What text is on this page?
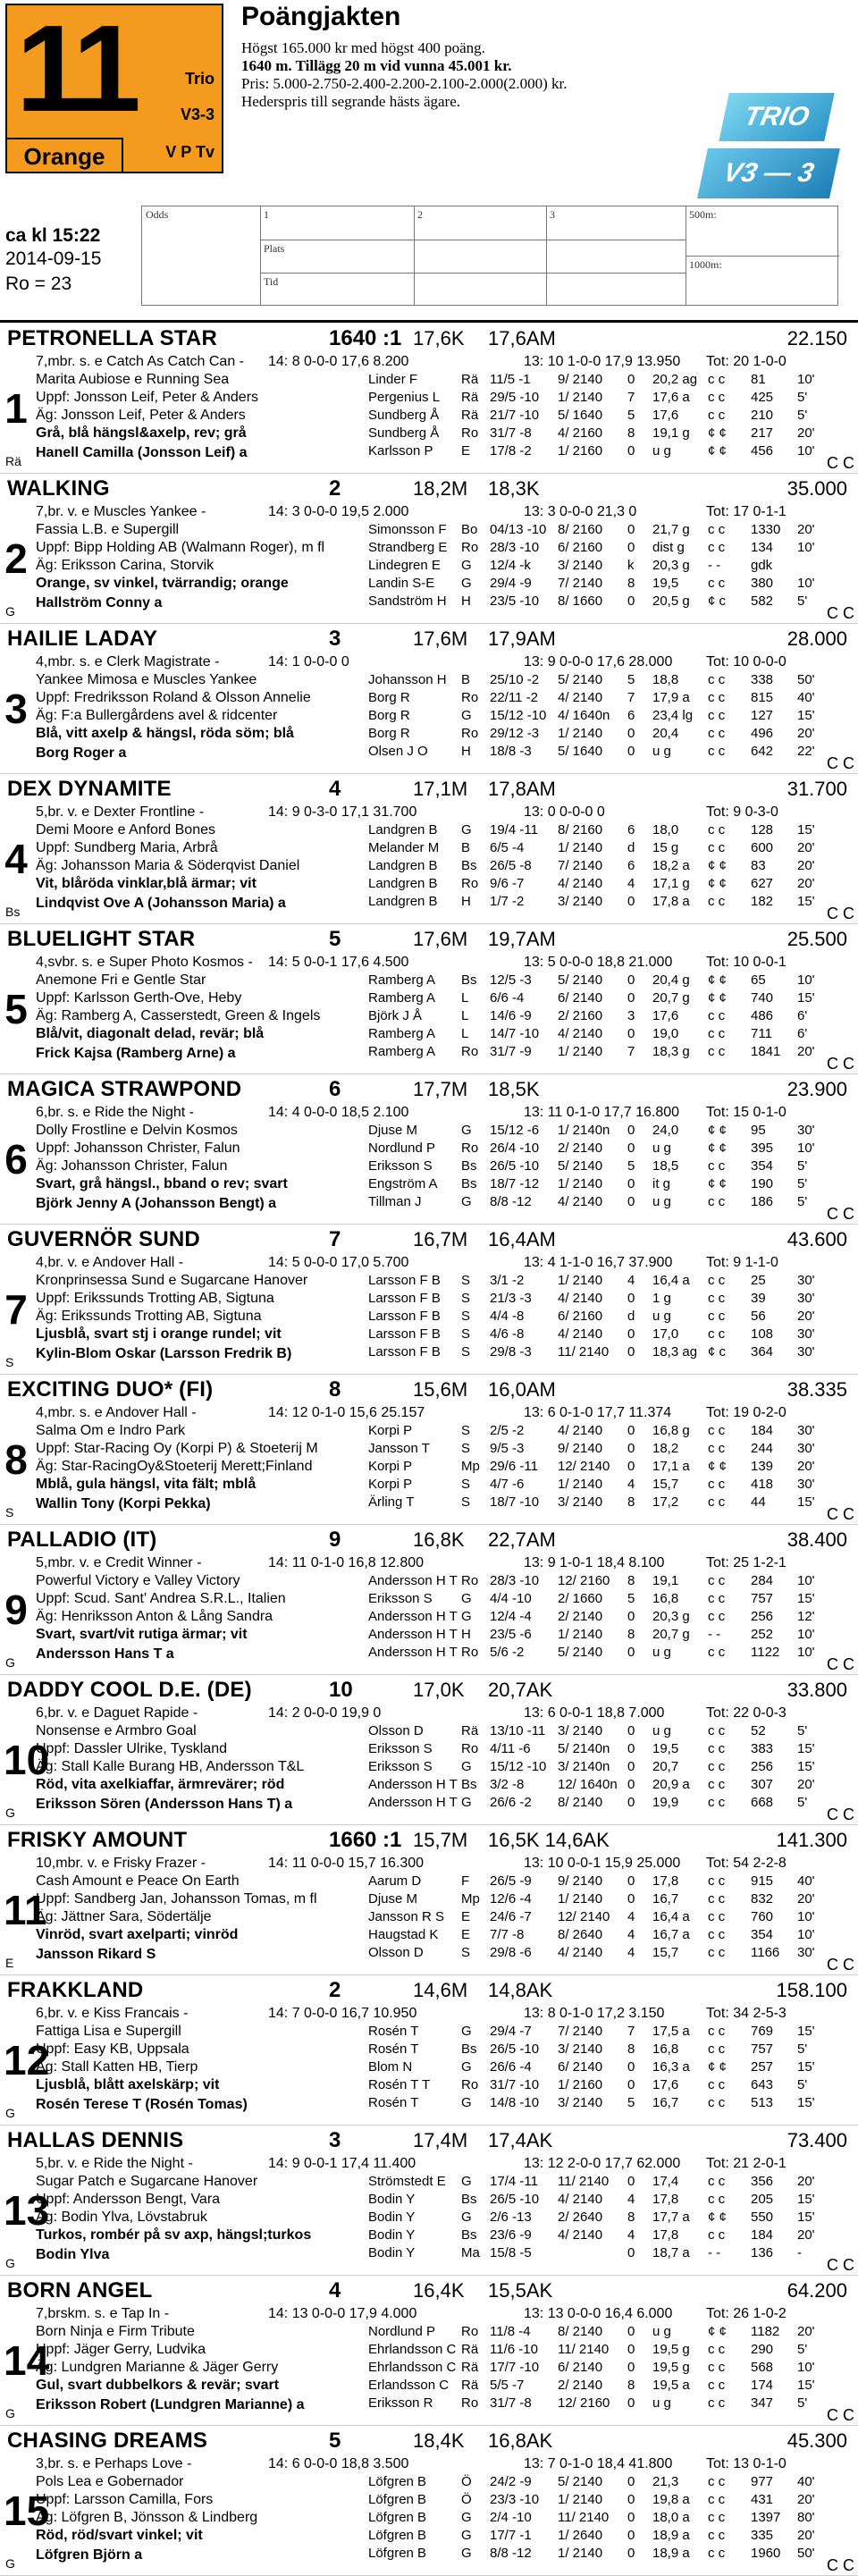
11	Trio
V3-3
V P Tv
Orange
Poängjakten
Högst 165.000 kr med högst 400 poäng.
1640 m. Tillägg 20 m vid vunna 45.001 kr.
Pris: 5.000-2.750-2.400-2.200-2.100-2.000(2.000) kr.
Hederspris till segrande hästs ägare.
TRIO
V3 — 3
ca kl 15:22
2014-09-15
Ro = 23
Odds	1	2	3
Plats
Tid
500m:
1000m:
PETRONELLA STAR	1640 :1 17,6K 17,6AM	22.150
1
Rä
7,mbr. s. e Catch As Catch Can -
Marita Aubiose e Running Sea
Uppf: Jonsson Leif, Peter & Anders
Äg: Jonsson Leif, Peter & Anders
Grå, blå hängsl&axelp, rev; grå
Hanell Camilla (Jonsson Leif) a
14: 8 0-0-0 17,6 8.200	13: 10 1-0-0 17,9 13.950 Tot: 20 1-0-0
Linder F	Rä 11/5 -1 9/ 2140 0 20,2 ag c c 81 10'
Pergenius L Rä 29/5 -10 1/ 2140 7 17,6 a c c 425 5'
Sundberg Å Rä 21/7 -10 5/ 1640 5 17,6 c c 210 5'
Sundberg Å Ro 31/7 -8 4/ 2160 8 19,1 g ¢ ¢ 217 20'
Karlsson P E 17/8 -2 1/ 2160 0 u g	¢ ¢ 456 10'
C C
WALKING	2	18,2M 18,3K	35.000
2
G
7,br. v. e Muscles Yankee -
Fassia L.B. e Supergill
Uppf: Bipp Holding AB (Walmann Roger), m fl
Äg: Eriksson Carina, Storvik
Orange, sv vinkel, tvärrandig; orange
Hallström Conny a
14: 3 0-0-0 19,5 2.000	13: 3 0-0-0 21,3 0	Tot: 17 0-1-1
Simonsson F Bo 04/13 -10 8/ 2160 0 21,7 g c c 1330 20'
Strandberg E Ro 28/3 -10 6/ 2160 0 dist g c c 134 10'
Lindegren E G 12/4 -k 3/ 2140 k 20,3 g - - gdk
Landin S-E G 29/4 -9 7/ 2140 8 19,5 c c 380 10'
Sandström H H 23/5 -10 8/ 1660 0 20,5 g ¢ c 582 5'
C C
HAILIE LADAY	3	17,6M 17,9AM	28.000
3
4,mbr. s. e Clerk Magistrate -
Yankee Mimosa e Muscles Yankee
Uppf: Fredriksson Roland & Olsson Annelie
Äg: F:a Bullergårdens avel & ridcenter
Blå, vitt axelp & hängsl, röda söm; blå
Borg Roger a
14: 1 0-0-0 0	13: 9 0-0-0 17,6 28.000 Tot: 10 0-0-0
Johansson H B 25/10 -2 5/ 2140 5 18,8 c c 338 50'
Borg R	Ro 22/11 -2 4/ 2140 7 17,9 a c c 815 40'
Borg R	G 15/12 -10 4/ 1640n 6 23,4 lg c c 127 15'
Borg R	Ro 29/12 -3 1/ 2140 0 20,4 c c 496 20'
Olsen J O H 18/8 -3 5/ 1640 0 u g	c c 642 22'
C C
DEX DYNAMITE	4	17,1M 17,8AM	31.700
4
Bs
5,br. v. e Dexter Frontline -
Demi Moore e Anford Bones
Uppf: Sundberg Maria, Arbrå
Äg: Johansson Maria & Söderqvist Daniel
Vit, blåröda vinklar,blå ärmar; vit
Lindqvist Ove A (Johansson Maria) a
14: 9 0-3-0 17,1 31.700	13: 0 0-0-0 0	Tot: 9 0-3-0
Landgren B G 19/4 -11 8/ 2160 6 18,0 c c 128 15'
Melander M B 6/5 -4	1/ 2140 d 15 g c c 600 20'
Landgren B Bs 26/5 -8 7/ 2140 6 18,2 a ¢ ¢ 83 20'
Landgren B Ro 9/6 -7	4/ 2140 4 17,1 g ¢ ¢ 627 20'
Landgren B H 1/7 -2	3/ 2140 0 17,8 a c c 182 15'
C C
BLUELIGHT STAR	5	17,6M 19,7AM	25.500
5
4,svbr. s. e Super Photo Kosmos -
Anemone Fri e Gentle Star
Uppf: Karlsson Gerth-Ove, Heby
Äg: Ramberg A, Casserstedt, Green & Ingels
Blå/vit, diagonalt delad, revär; blå
Frick Kajsa (Ramberg Arne) a
14: 5 0-0-1 17,6 4.500	13: 5 0-0-0 18,8 21.000 Tot: 10 0-0-1
Ramberg A Bs 12/5 -3 5/ 2140 0 20,4 g ¢ ¢ 65 10'
Ramberg A L 6/6 -4	6/ 2140 0 20,7 g ¢ ¢ 740 15'
Björk J Å	L 14/6 -9 2/ 2160 3 17,6 c c 486 6'
Ramberg A L 14/7 -10 4/ 2140 0 19,0 c c 711 6'
Ramberg A Ro 31/7 -9 1/ 2140 7 18,3 g c c 1841 20'
C C
MAGICA STRAWPOND	6	17,7M 18,5K	23.900
6
6,br. s. e Ride the Night -
Dolly Frostline e Delvin Kosmos
Uppf: Johansson Christer, Falun
Äg: Johansson Christer, Falun
Svart, grå hängsl., bband o rev; svart
Björk Jenny A (Johansson Bengt) a
14: 4 0-0-0 18,5 2.100	13: 11 0-1-0 17,7 16.800 Tot: 15 0-1-0
Djuse M	G 15/12 -6 1/ 2140n 0 24,0 ¢ ¢ 95 30'
Nordlund P Ro 26/4 -10 2/ 2140 0 u g	¢ ¢ 395 10'
Eriksson S Bs 26/5 -10 5/ 2140 5 18,5 c c 354 5'
Engström A Bs 18/7 -12 1/ 2140 0 it g	¢ ¢ 190 5'
Tillman J	G 8/8 -12 4/ 2140 0 u g	c c 186 5'
C C
GUVERNÖR SUND	7	16,7M 16,4AM	43.600
7
S
4,br. v. e Andover Hall -
Kronprinsessa Sund e Sugarcane Hanover
Uppf: Erikssunds Trotting AB, Sigtuna
Äg: Erikssunds Trotting AB, Sigtuna
Ljusblå, svart stj i orange rundel; vit
Kylin-Blom Oskar (Larsson Fredrik B)
14: 5 0-0-0 17,0 5.700	13: 4 1-1-0 16,7 37.900 Tot: 9 1-1-0
Larsson F B S 3/1 -2	1/ 2140 4 16,4 a c c 25 30'
Larsson F B S 21/3 -3 4/ 2140 0 1 g	c c 39 30'
Larsson F B S 4/4 -8	6/ 2160 d u g	c c 56 20'
Larsson F B S 4/6 -8	4/ 2140 0 17,0 c c 108 30'
Larsson F B S 29/8 -3 11/ 2140 0 18,3 ag ¢ c 364 30'
EXCITING DUO* (FI)	8	15,6M 16,0AM	38.335
8
S
4,mbr. s. e Andover Hall -
Salma Om e Indro Park
Uppf: Star-Racing Oy (Korpi P) & Stoeterij M
Äg: Star-RacingOy&Stoeterij Merett;Finland
Mblå, gula hängsl, vita fält; mblå
Wallin Tony (Korpi Pekka)
14: 12 0-1-0 15,6 25.157	13: 6 0-1-0 17,7 11.374 Tot: 19 0-2-0
Korpi P	S 2/5 -2	4/ 2140 0 16,8 g c c 184 30'
Jansson T S 9/5 -3	9/ 2140 0 18,2 c c 244 30'
Korpi P	Mp 29/6 -11 12/ 2140 0 17,1 a ¢ ¢ 139 20'
Korpi P	S 4/7 -6	1/ 2140 4 15,7 c c 418 30'
Ärling T	S 18/7 -10 3/ 2140 8 17,2 c c 44 15'
C C
PALLADIO (IT)	9	16,8K 22,7AM	38.400
9
G
5,mbr. v. e Credit Winner -
Powerful Victory e Valley Victory
Uppf: Scud. Sant' Andrea S.R.L., Italien
Äg: Henriksson Anton & Lång Sandra
Svart, svart/vit rutiga ärmar; vit
Andersson Hans T a
14: 11 0-1-0 16,8 12.800	13: 9 1-0-1 18,4 8.100	Tot: 25 1-2-1
Andersson H T Ro 28/3 -10 12/ 2160 8 19,1 c c 284 10'
Eriksson S G 4/4 -10 2/ 1660 5 16,8 c c 757 15'
Andersson H T G 12/4 -4 2/ 2140 0 20,3 g c c 256 12'
Andersson H T H 23/5 -6 1/ 2140 8 20,7 g - - 252 10'
Andersson H T Ro 5/6 -2	5/ 2140 0 u g	c c 1122 10'
C C
DADDY COOL D.E. (DE)	10	17,0K 20,7AK	33.800
10
G
6,br. v. e Daguet Rapide -
Nonsense e Armbro Goal
Uppf: Dassler Ulrike, Tyskland
Äg: Stall Kalle Burang HB, Andersson T&L
Röd, vita axelkiaffar, ärmrevärer; röd
Eriksson Sören (Andersson Hans T) a
14: 2 0-0-0 19,9 0	13: 6 0-0-1 18,8 7.000	Tot: 22 0-0-3
Olsson D	Rä 13/10 -11 3/ 2140 0 u g	c c 52 5'
Eriksson S Ro 4/11 -6 5/ 2140n 0 19,5 c c 383 15'
Eriksson S G 15/12 -10 3/ 2140n 0 20,7 c c 256 15'
Andersson H T Bs 3/2 -8	12/ 1640n 0 20,9 a c c 307 20'
Andersson H T G 26/6 -2 8/ 2140 0 19,9 c c 668 5'
C C
FRISKY AMOUNT	1660 :1 15,7M 16,5K 14,6AK	141.300
11
E
10,mbr. v. e Frisky Frazer -
Cash Amount e Peace On Earth
Uppf: Sandberg Jan, Johansson Tomas, m fl
Äg: Jättner Sara, Södertälje
Vinröd, svart axelparti; vinröd
Jansson Rikard S
14: 11 0-0-0 15,7 16.300	13: 10 0-0-1 15,9 25.000 Tot: 54 2-2-8
Aarum D	F 26/5 -9 9/ 2140 0 17,8 c c 915 40'
Djuse M	Mp 12/6 -4 1/ 2140 0 16,7 c c 832 20'
Jansson R S E 24/6 -7 12/ 2140 4 16,4 a c c 760 10'
Haugstad K E 7/7 -8	8/ 2640 4 16,7 a c c 354 10'
Olsson D	S 29/8 -6 4/ 2140 4 15,7 c c 1166 30'
C C
FRAKKLAND	2	14,6M 14,8AK	158.100
12
G
6,br. v. e Kiss Francais -
Fattiga Lisa e Supergill
Uppf: Easy KB, Uppsala
Äg: Stall Katten HB, Tierp
Ljusblå, blått axelskärp; vit
Rosén Terese T (Rosén Tomas)
14: 7 0-0-0 16,7 10.950	13: 8 0-1-0 17,2 3.150	Tot: 34 2-5-3
Rosén T	G 29/4 -7 7/ 2140 7 17,5 a c c 769 15'
Rosén T	Bs 26/5 -10 3/ 2140 8 16,8 c c 757 5'
Blom N	G 26/6 -4 6/ 2140 0 16,3 a ¢ ¢ 257 15'
Rosén T T Ro 31/7 -10 1/ 2160 0 17,6 c c 643 5'
Rosén T	G 14/8 -10 3/ 2140 5 16,7 c c 513 15'
HALLAS DENNIS	3	17,4M 17,4AK	73.400
13
G
5,br. v. e Ride the Night -
Sugar Patch e Sugarcane Hanover
Uppf: Andersson Bengt, Vara
Äg: Bodin Ylva, Lövstabruk
Turkos, rombér på sv axp, hängsl;turkos
Bodin Ylva
14: 9 0-0-1 17,4 11.400	13: 12 2-0-0 17,7 62.000 Tot: 21 2-0-1
Strömstedt E G 17/4 -11 11/ 2140 0 17,4 c c 356 20'
Bodin Y	Bs 26/5 -10 4/ 2140 4 17,8 c c 205 15'
Bodin Y	G 2/6 -13 2/ 2640 8 17,7 a ¢ ¢ 550 15'
Bodin Y	Bs 23/6 -9 4/ 2140 4 17,8 c c 184 20'
Bodin Y	Ma 15/8 -5	0 18,7 a - - 136 -
C C
BORN ANGEL	4	16,4K 15,5AK	64.200
14
G
7,brskm. s. e Tap In -
Born Ninja e Firm Tribute
Uppf: Jäger Gerry, Ludvika
Äg: Lundgren Marianne & Jäger Gerry
Gul, svart dubbelkors & revär; svart
Eriksson Robert (Lundgren Marianne) a
14: 13 0-0-0 17,9 4.000	13: 13 0-0-0 16,4 6.000 Tot: 26 1-0-2
Nordlund P Ro 11/8 -4 8/ 2140 0 u g	¢ ¢ 1182 20'
Ehrlandsson C Rä 11/6 -10 11/ 2140 0 19,5 g c c 290 5'
Ehrlandsson C Rä 17/7 -10 6/ 2140 0 19,5 g c c 568 10'
Erlandsson C Rä 5/5 -7	2/ 2140 8 19,5 a c c 174 15'
Eriksson R Ro 31/7 -8 12/ 2160 0 u g	c c 347 5'
C C
CHASING DREAMS	5	18,4K 16,8AK	45.300
15
G
3,br. s. e Perhaps Love -
Pols Lea e Gobernador
Uppf: Larsson Camilla, Fors
Äg: Löfgren B, Jönsson & Lindberg
Röd, röd/svart vinkel; vit
Löfgren Björn a
14: 6 0-0-0 18,8 3.500	13: 7 0-1-0 18,4 41.800 Tot: 13 0-1-0
Löfgren B	Ö 24/2 -9 5/ 2140 0 21,3 c c 977 40'
Löfgren B	Ö 23/3 -10 1/ 2140 0 19,8 a c c 431 20'
Löfgren B	G 2/4 -10 11/ 2140 0 18,0 a c c 1397 80'
Löfgren B	G 17/7 -1 1/ 2640 0 18,9 a c c 335 20'
Löfgren B	G 8/8 -12 1/ 2140 0 18,9 a c c 1960 50'
C C
